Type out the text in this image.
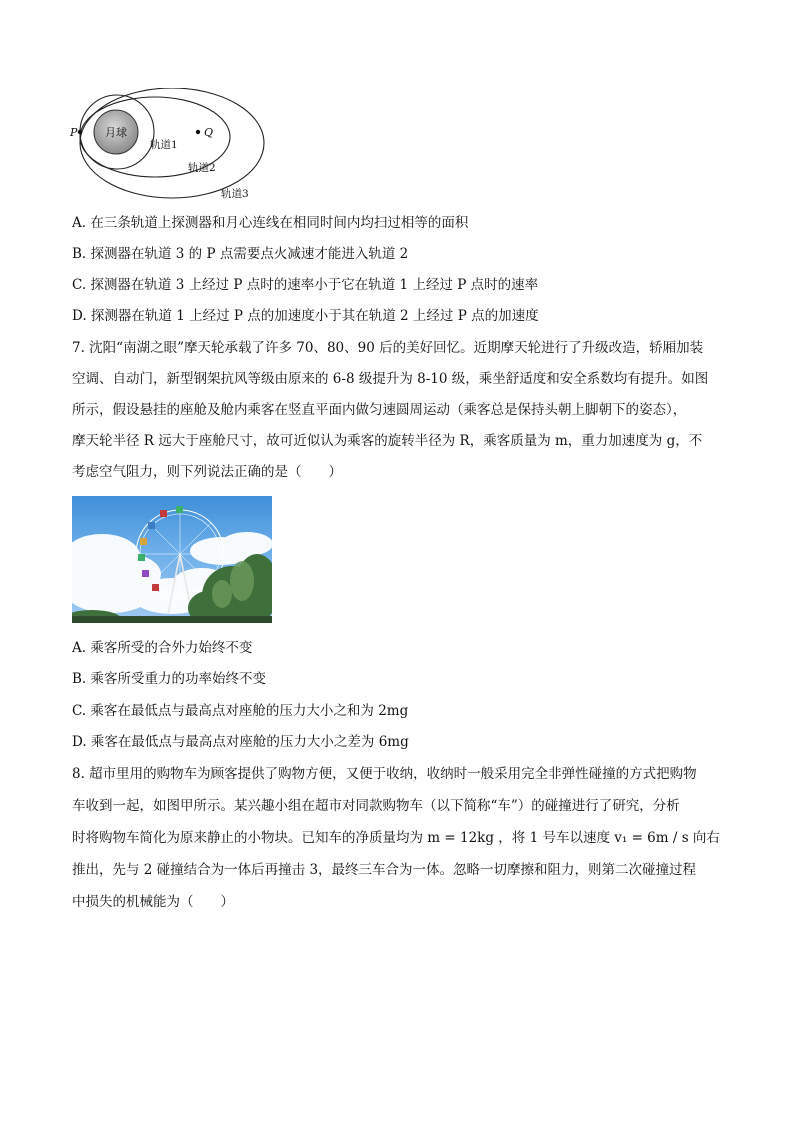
月球
P	Q
轨道1
轨道2
轨道3
A. 在三条轨道上探测器和月心连线在相同时间内均扫过相等的面积
B. 探测器在轨道 3 的 P 点需要点火减速才能进入轨道 2
C. 探测器在轨道 3 上经过 P 点时的速率小于它在轨道 1 上经过 P 点时的速率
D. 探测器在轨道 1 上经过 P 点的加速度小于其在轨道 2 上经过 P 点的加速度
7. 沈阳“南湖之眼”摩天轮承载了许多 70、80、90 后的美好回忆。近期摩天轮进行了升级改造，轿厢加装
空调、自动门，新型钢架抗风等级由原来的 6-8 级提升为 8-10 级，乘坐舒适度和安全系数均有提升。如图
所示，假设悬挂的座舱及舱内乘客在竖直平面内做匀速圆周运动（乘客总是保持头朝上脚朝下的姿态），
摩天轮半径 R 远大于座舱尺寸，故可近似认为乘客的旋转半径为 R，乘客质量为 m，重力加速度为 g，不
考虑空气阻力，则下列说法正确的是（　　）
A. 乘客所受的合外力始终不变
B. 乘客所受重力的功率始终不变
C. 乘客在最低点与最高点对座舱的压力大小之和为 2mg
D. 乘客在最低点与最高点对座舱的压力大小之差为 6mg
8. 超市里用的购物车为顾客提供了购物方便，又便于收纳，收纳时一般采用完全非弹性碰撞的方式把购物
车收到一起，如图甲所示。某兴趣小组在超市对同款购物车（以下简称“车”）的碰撞进行了研究，分析
时将购物车简化为原来静止的小物块。已知车的净质量均为 m = 12kg ，将 1 号车以速度 v₁ = 6m / s 向右
推出，先与 2 碰撞结合为一体后再撞击 3，最终三车合为一体。忽略一切摩擦和阻力，则第二次碰撞过程
中损失的机械能为（　　）
